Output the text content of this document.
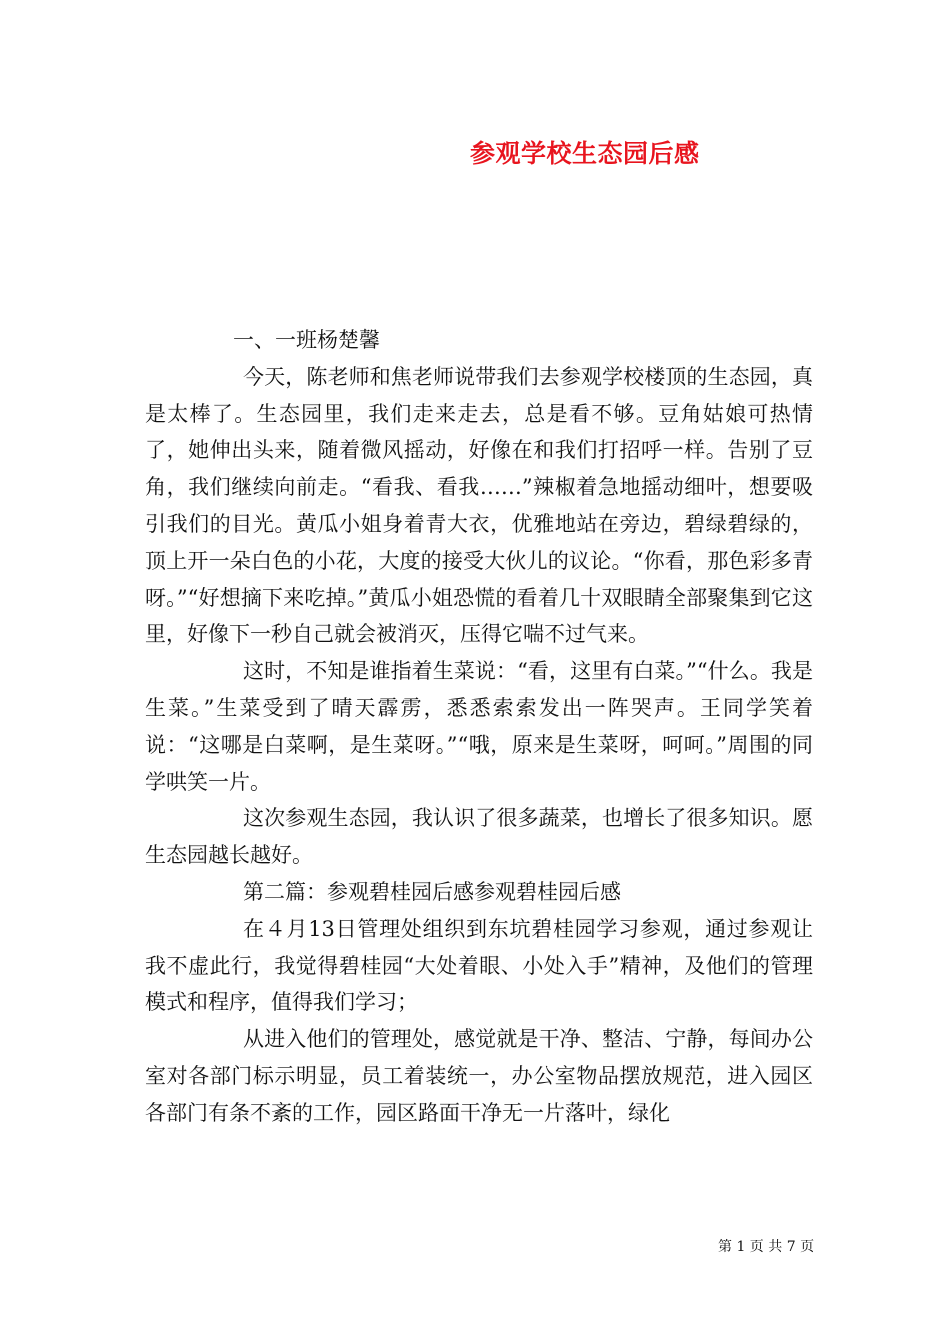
参观学校生态园后感

一、一班杨楚馨

今天，陈老师和焦老师说带我们去参观学校楼顶的生态园，真是太棒了。生态园里，我们走来走去，总是看不够。豆角姑娘可热情了，她伸出头来，随着微风摇动，好像在和我们打招呼一样。告别了豆角，我们继续向前走。“看我、看我……”辣椒着急地摇动细叶，想要吸引我们的目光。黄瓜小姐身着青大衣，优雅地站在旁边，碧绿碧绿的，顶上开一朵白色的小花，大度的接受大伙儿的议论。“你看，那色彩多青呀。”“好想摘下来吃掉。”黄瓜小姐恐慌的看着几十双眼睛全部聚集到它这里，好像下一秒自己就会被消灭，压得它喘不过气来。

这时，不知是谁指着生菜说：“看，这里有白菜。”“什么。我是生菜。”生菜受到了晴天霹雳，悉悉索索发出一阵哭声。王同学笑着说：“这哪是白菜啊，是生菜呀。”“哦，原来是生菜呀，呵呵。”周围的同学哄笑一片。

这次参观生态园，我认识了很多蔬菜，也增长了很多知识。愿生态园越长越好。

第二篇：参观碧桂园后感参观碧桂园后感

在４月13日管理处组织到东坑碧桂园学习参观，通过参观让我不虚此行，我觉得碧桂园“大处着眼、小处入手”精神，及他们的管理模式和程序，值得我们学习；

从进入他们的管理处，感觉就是干净、整洁、宁静，每间办公室对各部门标示明显，员工着装统一，办公室物品摆放规范，进入园区各部门有条不紊的工作，园区路面干净无一片落叶，绿化

第 1 页 共 7 页
